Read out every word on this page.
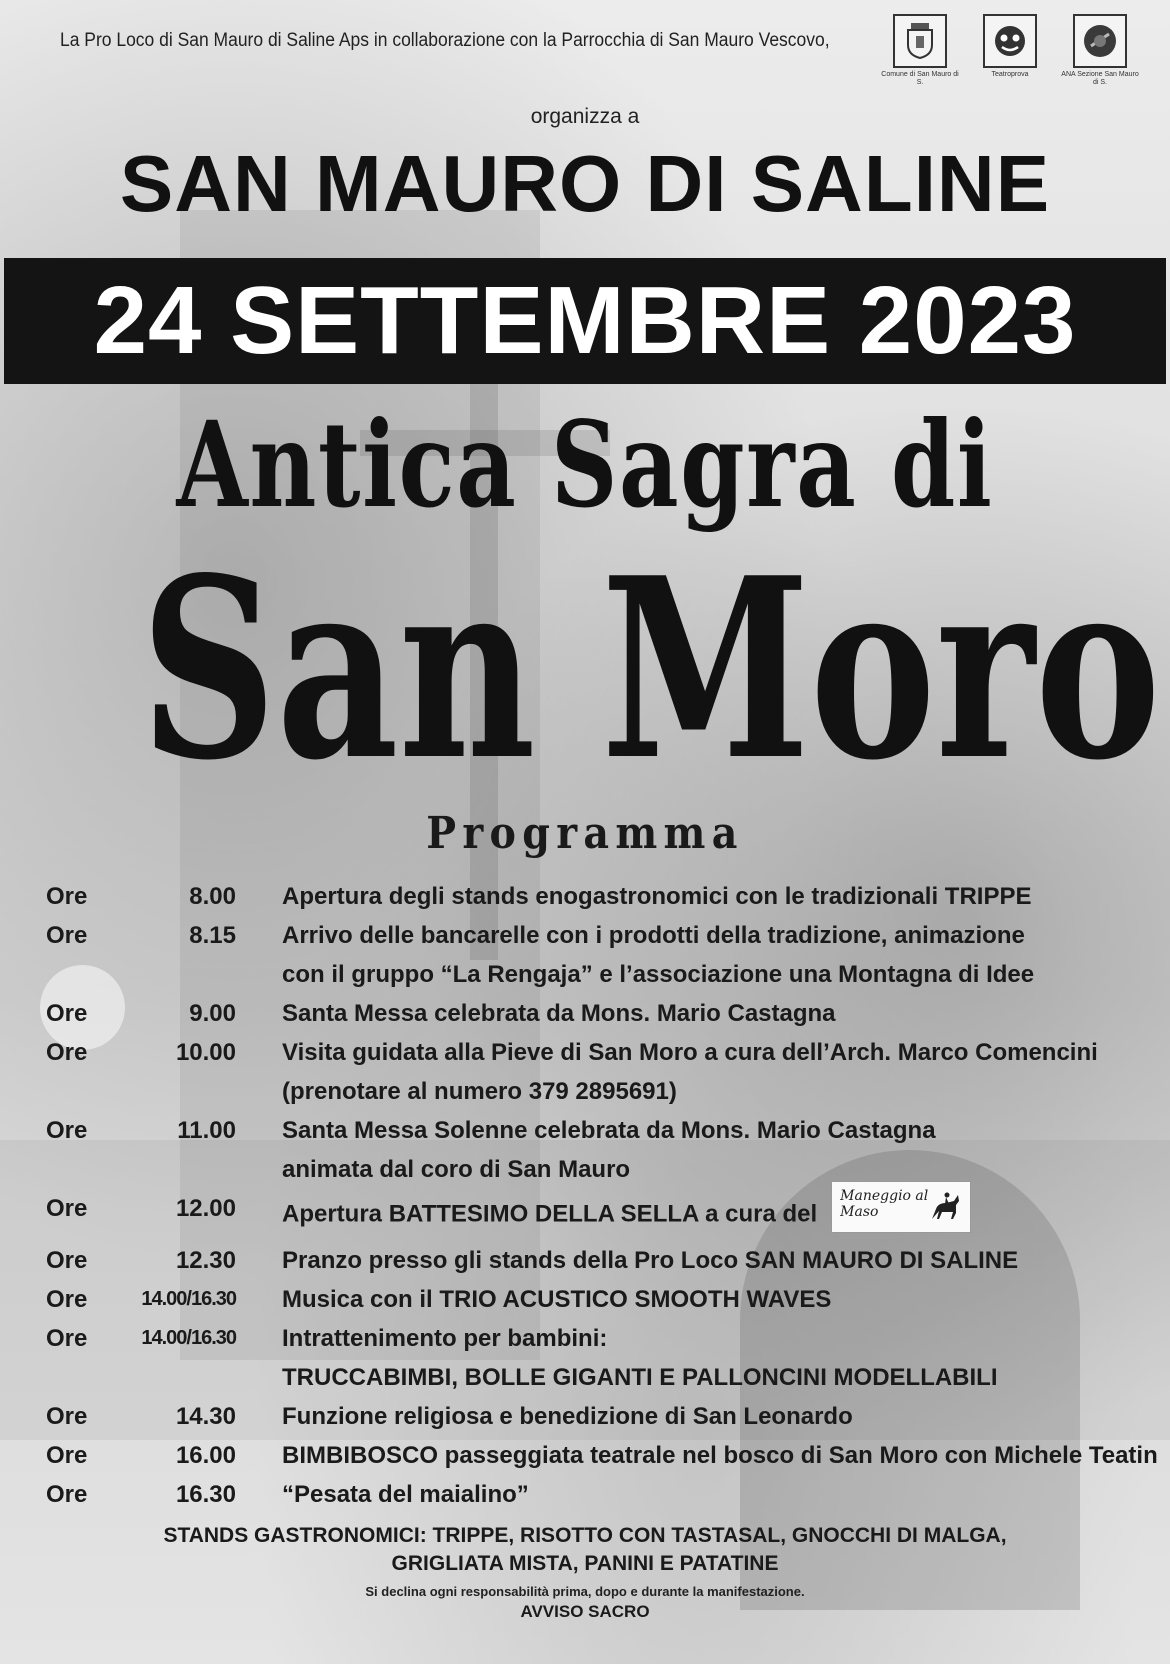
La Pro Loco di San Mauro di Saline Aps in collaborazione con la Parrocchia di San Mauro Vescovo,
Comune di San Mauro di S.
Teatroprova	ANA Sezione San Mauro di S.
organizza a
SAN MAURO DI SALINE
24 SETTEMBRE 2023
Antica Sagra di
San Moro
Programma
Ore	8.00 Apertura degli stands enogastronomici con le tradizionali TRIPPE
Ore	8.15 Arrivo delle bancarelle con i prodotti della tradizione, animazione
con il gruppo “La Rengaja” e l’associazione una Montagna di Idee
Ore	9.00 Santa Messa celebrata da Mons. Mario Castagna
Ore	10.00 Visita guidata alla Pieve di San Moro a cura dell’Arch. Marco Comencini
(prenotare al numero 379 2895691)
Ore	11.00 Santa Messa Solenne celebrata da Mons. Mario Castagna
animata dal coro di San Mauro
Ore	12.00 Apertura BATTESIMO DELLA SELLA a cura del
Maneggio al Maso
Ore	12.30 Pranzo presso gli stands della Pro Loco SAN MAURO DI SALINE
Ore	14.00/16.30 Musica con il TRIO ACUSTICO SMOOTH WAVES
Ore	14.00/16.30 Intrattenimento per bambini:
TRUCCABIMBI, BOLLE GIGANTI E PALLONCINI MODELLABILI
Ore	14.30 Funzione religiosa e benedizione di San Leonardo
Ore	16.00 BIMBIBOSCO passeggiata teatrale nel bosco di San Moro con Michele Teatin
Ore	16.30 “Pesata del maialino”
STANDS GASTRONOMICI: TRIPPE, RISOTTO CON TASTASAL, GNOCCHI DI MALGA,
GRIGLIATA MISTA, PANINI E PATATINE
Si declina ogni responsabilità prima, dopo e durante la manifestazione.
AVVISO SACRO
